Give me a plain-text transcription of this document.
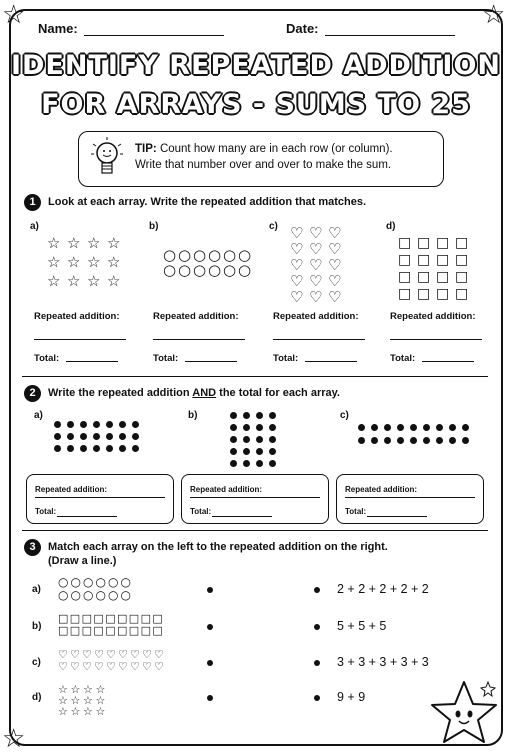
☆	☆
☆
Name:	Date:
IDENTIFY REPEATED ADDITION
FOR ARRAYS - SUMS TO 25
TIP: Count how many are in each row (or column).
Write that number over and over to make the sum.
1	Look at each array. Write the repeated addition that matches.
a)
☆ ☆ ☆ ☆
☆ ☆ ☆ ☆
☆ ☆ ☆ ☆
Repeated addition:
Total:
b)
○ ○ ○ ○ ○ ○
○ ○ ○ ○ ○ ○
Repeated addition:
Total:
c) ♡ ♡ ♡
♡ ♡ ♡
♡ ♡ ♡
♡ ♡ ♡
♡ ♡ ♡
Repeated addition:
Total:
d)
□ □ □ □
□ □ □ □
□ □ □ □
□ □ □ □
Repeated addition:
Total:
2	Write the repeated addition AND the total for each array.
a)
Repeated addition:
Total:
b)
Repeated addition:
Total:
c)
Repeated addition:
Total:
3	Match each array on the left to the repeated addition on the right.
(Draw a line.)
a)
○ ○ ○ ○ ○ ○
○ ○ ○ ○ ○ ○
b)
□ □ □ □ □ □ □ □ □
□ □ □ □ □ □ □ □ □
c)
♡ ♡ ♡ ♡ ♡ ♡ ♡ ♡ ♡
♡ ♡ ♡ ♡ ♡ ♡ ♡ ♡ ♡
d)
☆ ☆ ☆ ☆
☆ ☆ ☆ ☆
☆ ☆ ☆ ☆
2 + 2 + 2 + 2 + 2
5 + 5 + 5
3 + 3 + 3 + 3 + 3
9 + 9
